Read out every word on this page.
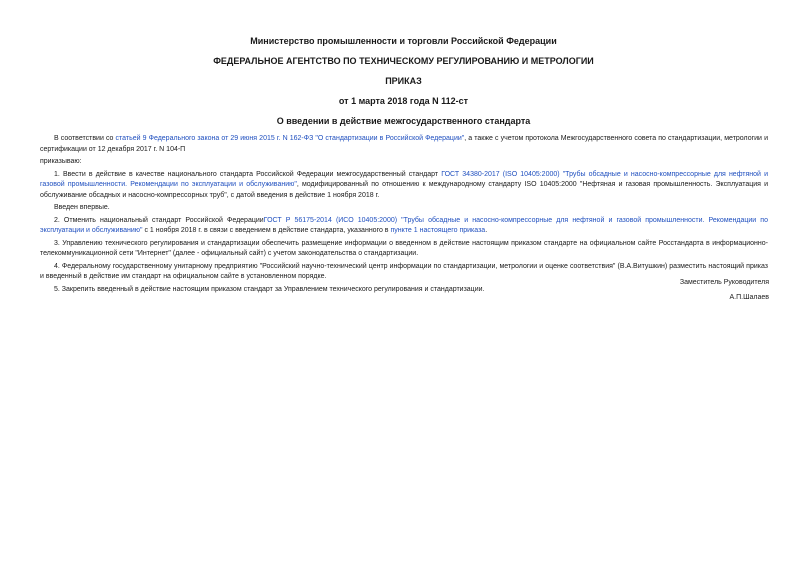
Министерство промышленности и торговли Российской Федерации
ФЕДЕРАЛЬНОЕ АГЕНТСТВО ПО ТЕХНИЧЕСКОМУ РЕГУЛИРОВАНИЮ И МЕТРОЛОГИИ
ПРИКАЗ
от 1 марта 2018 года N 112-ст
О введении в действие межгосударственного стандарта

В соответствии со статьей 9 Федерального закона от 29 июня 2015 г. N 162-ФЗ "О стандартизации в Российской Федерации", а также с учетом протокола Межгосударственного совета по стандартизации, метрологии и сертификации от 12 декабря 2017 г. N 104-П

приказываю:

1. Ввести в действие в качестве национального стандарта Российской Федерации межгосударственный стандарт ГОСТ 34380-2017 (ISO 10405:2000) "Трубы обсадные и насосно-компрессорные для нефтяной и газовой промышленности. Рекомендации по эксплуатации и обслуживанию", модифицированный по отношению к международному стандарту ISO 10405:2000 "Нефтяная и газовая промышленность. Эксплуатация и обслуживание обсадных и насосно-компрессорных труб", с датой введения в действие 1 ноября 2018 г.

Введен впервые.

2. Отменить национальный стандарт Российской ФедерацииГОСТ Р 56175-2014 (ИСО 10405:2000) "Трубы обсадные и насосно-компрессорные для нефтяной и газовой промышленности. Рекомендации по эксплуатации и обслуживанию" с 1 ноября 2018 г. в связи с введением в действие стандарта, указанного в пункте 1 настоящего приказа.

3. Управлению технического регулирования и стандартизации обеспечить размещение информации о введенном в действие настоящим приказом стандарте на официальном сайте Росстандарта в информационно-телекоммуникационной сети "Интернет" (далее - официальный сайт) с учетом законодательства о стандартизации.

4. Федеральному государственному унитарному предприятию "Российский научно-технический центр информации по стандартизации, метрологии и оценке соответствия" (В.А.Витушкин) разместить настоящий приказ и введенный в действие им стандарт на официальном сайте в установленном порядке.

5. Закрепить введенный в действие настоящим приказом стандарт за Управлением технического регулирования и стандартизации.

Заместитель Руководителя
А.П.Шалаев
